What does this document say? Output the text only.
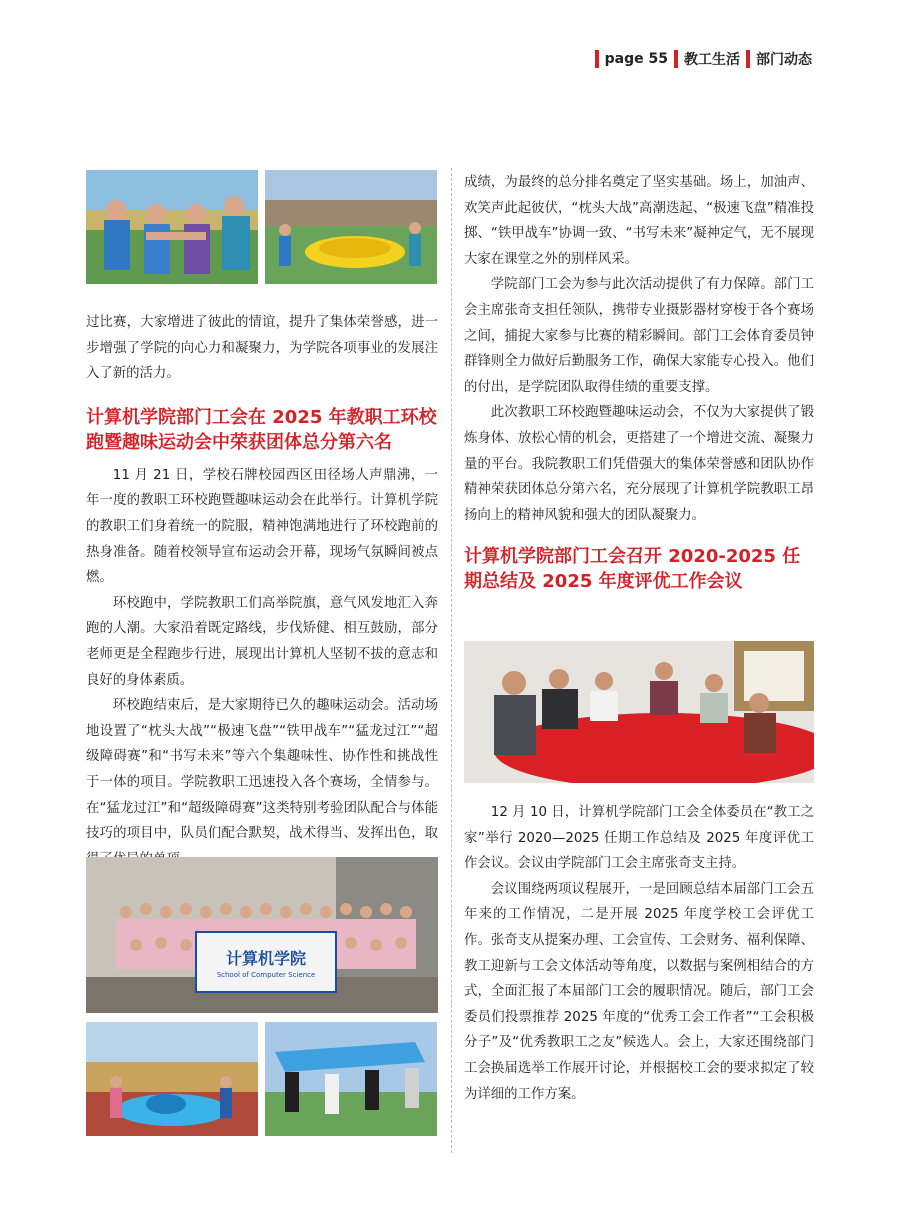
page 55 教工生活 部门动态

过比赛，大家增进了彼此的情谊，提升了集体荣誉感，进一步增强了学院的向心力和凝聚力，为学院各项事业的发展注入了新的活力。

计算机学院部门工会在 2025 年教职工环校跑暨趣味运动会中荣获团体总分第六名

11 月 21 日，学校石牌校园西区田径场人声鼎沸，一年一度的教职工环校跑暨趣味运动会在此举行。计算机学院的教职工们身着统一的院服，精神饱满地进行了环校跑前的热身准备。随着校领导宣布运动会开幕，现场气氛瞬间被点燃。

环校跑中，学院教职工们高举院旗，意气风发地汇入奔跑的人潮。大家沿着既定路线，步伐矫健、相互鼓励，部分老师更是全程跑步行进，展现出计算机人坚韧不拔的意志和良好的身体素质。

环校跑结束后，是大家期待已久的趣味运动会。活动场地设置了“枕头大战”“极速飞盘”“铁甲战车”“猛龙过江”“超级障碍赛”和“书写未来”等六个集趣味性、协作性和挑战性于一体的项目。学院教职工迅速投入各个赛场，全情参与。在“猛龙过江”和“超级障碍赛”这类特别考验团队配合与体能技巧的项目中，队员们配合默契，战术得当、发挥出色，取

计算机学院
School of Computer Science

成绩，为最终的总分排名奠定了坚实基础。场上，加油声、欢笑声此起彼伏，“枕头大战”高潮迭起、“极速飞盘”精准投掷、“铁甲战车”协调一致、“书写未来”凝神定气，无不展现大家在课堂之外的别样风采。

学院部门工会为参与此次活动提供了有力保障。部门工会主席张奇支担任领队，携带专业摄影器材穿梭于各个赛场之间，捕捉大家参与比赛的精彩瞬间。部门工会体育委员钟群锋则全力做好后勤服务工作，确保大家能专心投入。他们的付出，是学院团队取得佳绩的重要支撑。

此次教职工环校跑暨趣味运动会，不仅为大家提供了锻炼身体、放松心情的机会，更搭建了一个增进交流、凝聚力量的平台。我院教职工们凭借强大的集体荣誉感和团队协作精神荣获团体总分第六名，充分展现了计算机学院教职工昂扬向上的精神风貌和强大的团队凝聚力。

计算机学院部门工会召开 2020-2025 任期总结及 2025 年度评优工作会议

12 月 10 日，计算机学院部门工会全体委员在“教工之家”举行 2020—2025 任期工作总结及 2025 年度评优工作会议。会议由学院部门工会主席张奇支主持。

会议围绕两项议程展开，一是回顾总结本届部门工会五年来的工作情况，二是开展 2025 年度学校工会评优工作。张奇支从提案办理、工会宣传、工会财务、福利保障、教工迎新与工会文体活动等角度，以数据与案例相结合的方式，全面汇报了本届部门工会的履职情况。随后，部门工会委员们投票推荐 2025 年度的“优秀工会工作者”“工会积极分子”及“优秀教职工之友”候选人。会上，大家还围绕部门工会换届选举工作展开讨论，并根据校工会的要求拟定了较为详细的工作方案。
